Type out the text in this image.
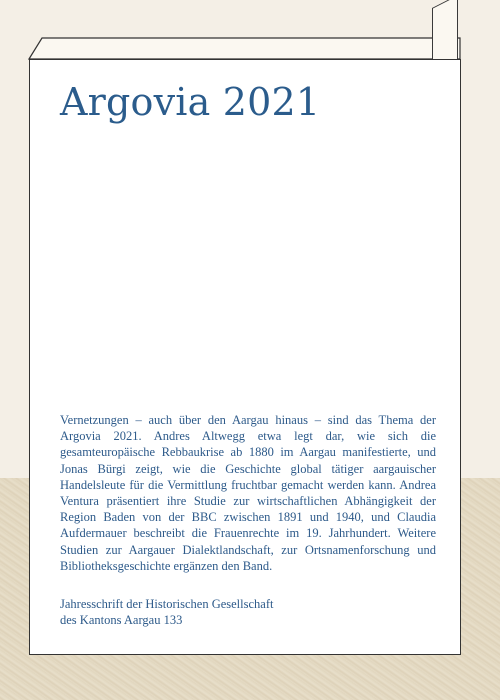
Argovia 2021

Vernetzungen – auch über den Aargau hinaus – sind das Thema der Argovia 2021. Andres Altwegg etwa legt dar, wie sich die gesamteuropäische Rebbaukrise ab 1880 im Aargau manifestierte, und Jonas Bürgi zeigt, wie die Geschichte global tätiger aargauischer Handelsleute für die Vermittlung fruchtbar gemacht werden kann. Andrea Ventura präsentiert ihre Studie zur wirtschaftlichen Abhängigkeit der Region Baden von der BBC zwischen 1891 und 1940, und Claudia Aufdermauer beschreibt die Frauenrechte im 19. Jahrhundert. Weitere Studien zur Aargauer Dialektlandschaft, zur Ortsnamenforschung und Bibliotheksgeschichte ergänzen den Band.

Jahresschrift der Historischen Gesellschaft
des Kantons Aargau 133
